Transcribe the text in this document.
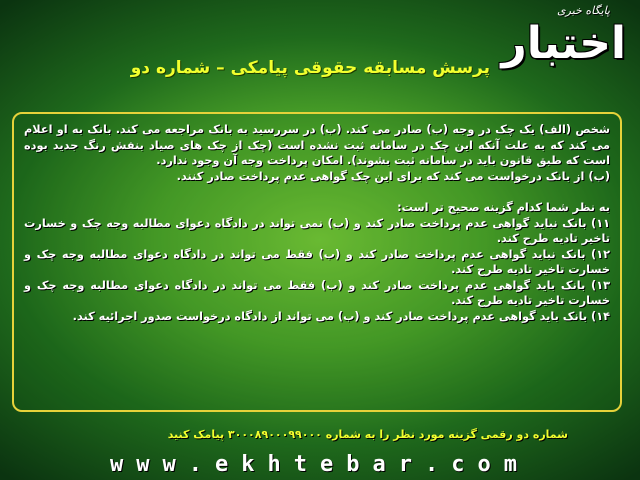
پایگاه خبری
اختبار
پرسش مسابقه حقوقی پیامکی – شماره دو

شخص (الف) یک چک در وجه (ب) صادر می کند. (ب) در سررسید به بانک مراجعه می کند. بانک به او اعلام می کند که به علت آنکه این چک در سامانه ثبت نشده است (چک از چک های صیاد بنفش رنگ جدید بوده است که طبق قانون باید در سامانه ثبت بشوند). امکان پرداخت وجه آن وجود ندارد.

(ب) از بانک درخواست می کند که برای این چک گواهی عدم پرداخت صادر کنند.

به نظر شما کدام گزینه صحیح تر است:

۱۱) بانک نباید گواهی عدم پرداخت صادر کند و (ب) نمی تواند در دادگاه دعوای مطالبه وجه چک و خسارت تاخیر تادیه طرح کند.

۱۲) بانک نباید گواهی عدم پرداخت صادر کند و (ب) فقط می تواند در دادگاه دعوای مطالبه وجه چک و خسارت تاخیر تادیه طرح کند.

۱۳) بانک باید گواهی عدم پرداخت صادر کند و (ب) فقط می تواند در دادگاه دعوای مطالبه وجه چک و خسارت تاخیر تادیه طرح کند.

۱۴) بانک باید گواهی عدم پرداخت صادر کند و (ب) می تواند از دادگاه درخواست صدور اجرائیه کند.

شماره دو رقمی گزینه مورد نظر را به شماره ۳۰۰۰۸۹۰۰۰۹۹۰۰۰ پیامک کنید
www.ekhtebar.com
